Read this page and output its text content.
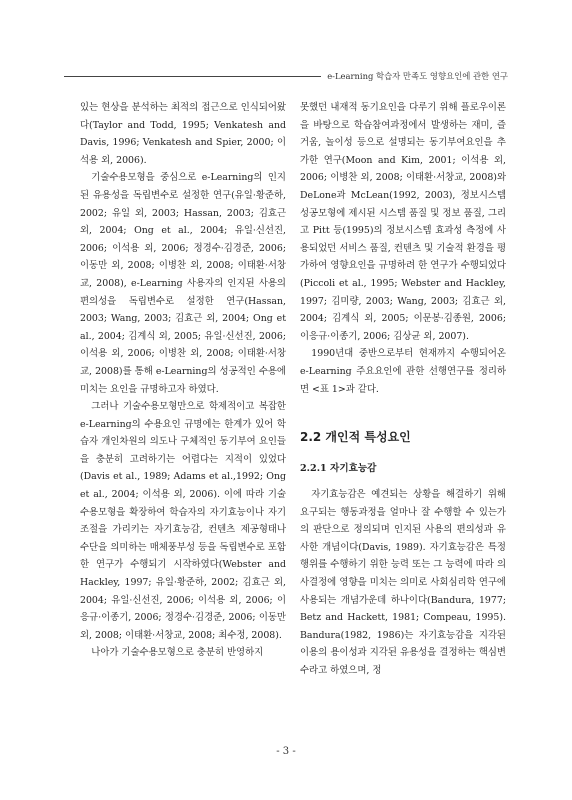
e-Learning 학습자 만족도 영향요인에 관한 연구

있는 현상을 분석하는 최적의 접근으로 인식되어왔다(Taylor and Todd, 1995; Venkatesh and Davis, 1996; Venkatesh and Spier, 2000; 이석용 외, 2006).

기술수용모형을 중심으로 e-Learning의 인지된 유용성을 독립변수로 설정한 연구(유일·황준하, 2002; 유일 외, 2003; Hassan, 2003; 김효근 외, 2004; Ong et al., 2004; 유일·신선진, 2006; 이석용 외, 2006; 정경수·김경준, 2006; 이동만 외, 2008; 이병찬 외, 2008; 이태환·서창교, 2008), e-Learning 사용자의 인지된 사용의 편의성을 독립변수로 설정한 연구(Hassan, 2003; Wang, 2003; 김효근 외, 2004; Ong et al., 2004; 김계식 외, 2005; 유일·신선진, 2006; 이석용 외, 2006; 이병찬 외, 2008; 이태환·서창교, 2008)를 통해 e-Learning의 성공적인 수용에 미치는 요인을 규명하고자 하였다.

그러나 기술수용모형만으로 학제적이고 복잡한 e-Learning의 수용요인 규명에는 한계가 있어 학습자 개인차원의 의도나 구체적인 동기부여 요인들을 충분히 고려하기는 어렵다는 지적이 있었다(Davis et al., 1989; Adams et al.,1992; Ong et al., 2004; 이석용 외, 2006). 이에 따라 기술수용모형을 확장하여 학습자의 자기효능이나 자기조절을 가리키는 자기효능감, 컨텐츠 제공형태나 수단을 의미하는 매체풍부성 등을 독립변수로 포함한 연구가 수행되기 시작하였다(Webster and Hackley, 1997; 유일·황준하, 2002; 김효근 외, 2004; 유일·신선진, 2006; 이석용 외, 2006; 이응규·이종기, 2006; 정경수·김경준, 2006; 이동만 외, 2008; 이태환·서창교, 2008; 최수정, 2008).

나아가 기술수용모형으로 충분히 반영하지

못했던 내재적 동기요인을 다루기 위해 플로우이론을 바탕으로 학습참여과정에서 발생하는 재미, 즐거움, 놀이성 등으로 설명되는 동기부여요인을 추가한 연구(Moon and Kim, 2001; 이석용 외, 2006; 이병찬 외, 2008; 이태환·서창교, 2008)와 DeLone과 McLean(1992, 2003), 정보시스템 성공모형에 제시된 시스템 품질 및 정보 품질, 그리고 Pitt 등(1995)의 정보시스템 효과성 측정에 사용되었던 서비스 품질, 컨텐츠 및 기술적 환경을 평가하여 영향요인을 규명하려 한 연구가 수행되었다(Piccoli et al., 1995; Webster and Hackley, 1997; 김미량, 2003; Wang, 2003; 김효근 외, 2004; 김계식 외, 2005; 이문봉·김종원, 2006; 이응규·이종기, 2006; 김상균 외, 2007).

1990년대 중반으로부터 현재까지 수행되어온 e-Learning 주요요인에 관한 선행연구를 정리하면 <표 1>과 같다.

2.2 개인적 특성요인
2.2.1 자기효능감

자기효능감은 예견되는 상황을 해결하기 위해 요구되는 행동과정을 얼마나 잘 수행할 수 있는가의 판단으로 정의되며 인지된 사용의 편의성과 유사한 개념이다(Davis, 1989). 자기효능감은 특정행위를 수행하기 위한 능력 또는 그 능력에 따라 의사결정에 영향을 미치는 의미로 사회심리학 연구에 사용되는 개념가운데 하나이다(Bandura, 1977; Betz and Hackett, 1981; Compeau, 1995). Bandura(1982, 1986)는 자기효능감을 지각된 이용의 용이성과 지각된 유용성을 결정하는 핵심변수라고 하였으며, 정

- 3 -
